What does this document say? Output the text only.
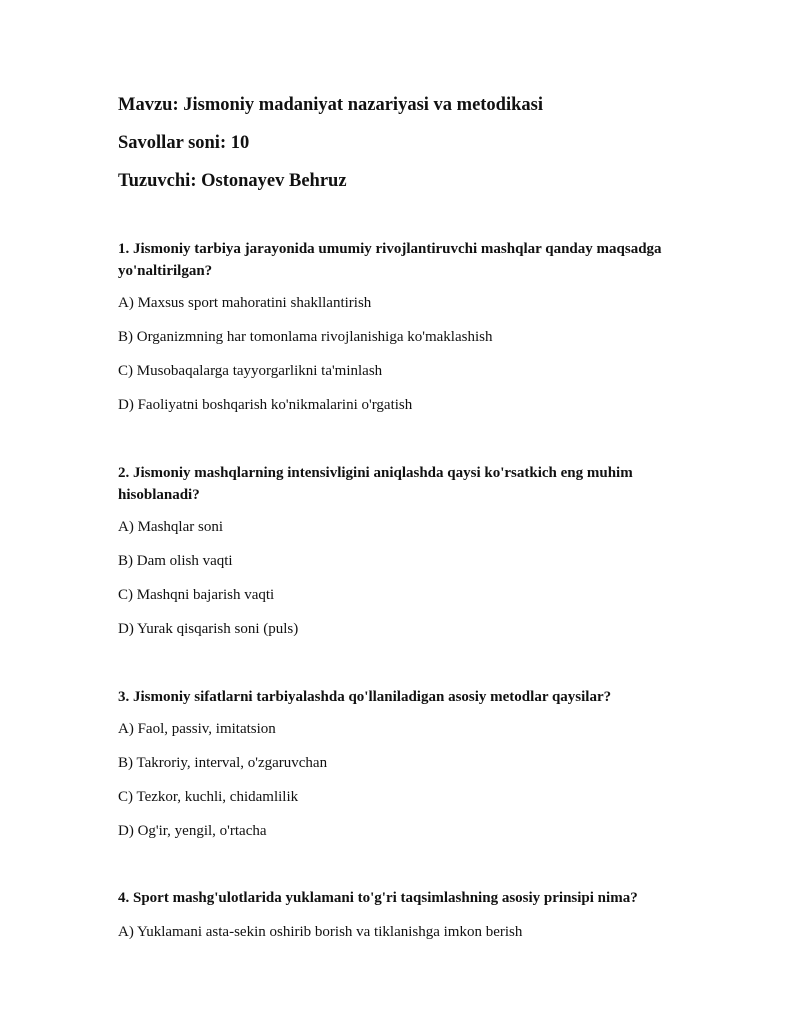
Mavzu: Jismoniy madaniyat nazariyasi va metodikasi
Savollar soni: 10
Tuzuvchi: Ostonayev Behruz
1. Jismoniy tarbiya jarayonida umumiy rivojlantiruvchi mashqlar qanday maqsadga yo'naltirilgan?
A) Maxsus sport mahoratini shakllantirish
B) Organizmning har tomonlama rivojlanishiga ko'maklashish
C) Musobaqalarga tayyorgarlikni ta'minlash
D) Faoliyatni boshqarish ko'nikmalarini o'rgatish
2. Jismoniy mashqlarning intensivligini aniqlashda qaysi ko'rsatkich eng muhim hisoblanadi?
A) Mashqlar soni
B) Dam olish vaqti
C) Mashqni bajarish vaqti
D) Yurak qisqarish soni (puls)
3. Jismoniy sifatlarni tarbiyalashda qo'llaniladigan asosiy metodlar qaysilar?
A) Faol, passiv, imitatsion
B) Takroriy, interval, o'zgaruvchan
C) Tezkor, kuchli, chidamlilik
D) Og'ir, yengil, o'rtacha
4. Sport mashg'ulotlarida yuklamani to'g'ri taqsimlashning asosiy prinsipi nima?
A) Yuklamani asta-sekin oshirib borish va tiklanishga imkon berish
